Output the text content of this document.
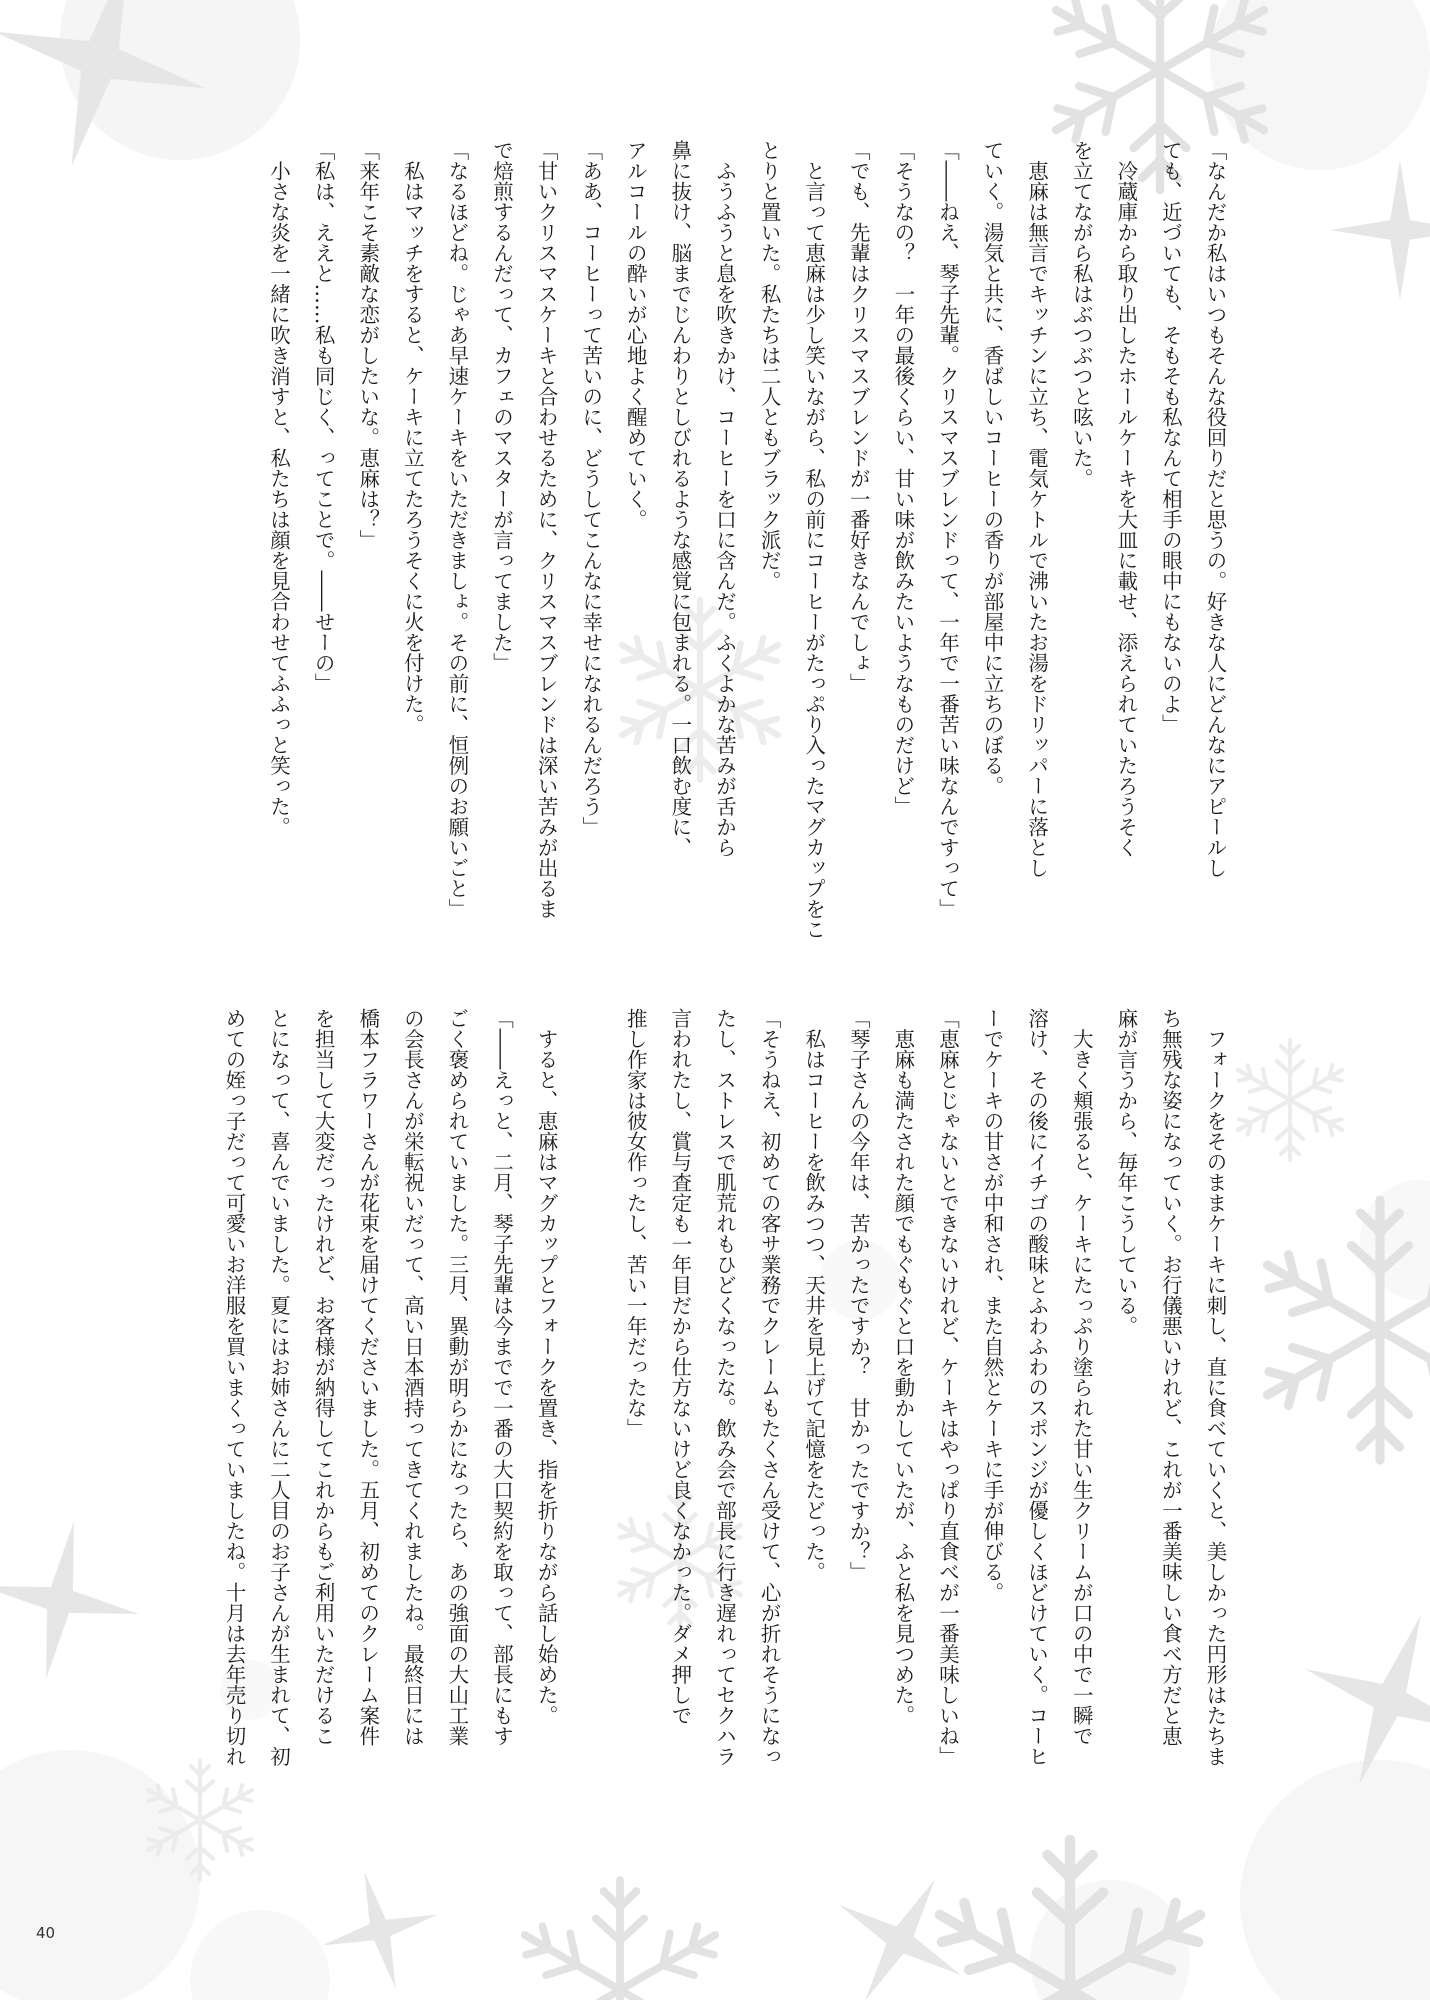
「なんだか私はいつもそんな役回りだと思うの。好きな人にどんなにアピールし
ても、近づいても、そもそも私なんて相手の眼中にもないのよ」
　冷蔵庫から取り出したホールケーキを大皿に載せ、添えられていたろうそく
を立てながら私はぶつぶつと呟いた。
　恵麻は無言でキッチンに立ち、電気ケトルで沸いたお湯をドリッパーに落とし
ていく。湯気と共に、香ばしいコーヒーの香りが部屋中に立ちのぼる。
「――ねえ、琴子先輩。クリスマスブレンドって、一年で一番苦い味なんですって」
「そうなの？　一年の最後くらい、甘い味が飲みたいようなものだけど」
「でも、先輩はクリスマスブレンドが一番好きなんでしょ」
　と言って恵麻は少し笑いながら、私の前にコーヒーがたっぷり入ったマグカップをこ
とりと置いた。私たちは二人ともブラック派だ。
　ふうふうと息を吹きかけ、コーヒーを口に含んだ。ふくよかな苦みが舌から
鼻に抜け、脳までじんわりとしびれるような感覚に包まれる。一口飲む度に、
アルコールの酔いが心地よく醒めていく。
「ああ、コーヒーって苦いのに、どうしてこんなに幸せになれるんだろう」
「甘いクリスマスケーキと合わせるために、クリスマスブレンドは深い苦みが出るま
で焙煎するんだって、カフェのマスターが言ってました」
「なるほどね。じゃあ早速ケーキをいただきましょ。その前に、恒例のお願いごと」
　私はマッチをすると、ケーキに立てたろうそくに火を付けた。
「来年こそ素敵な恋がしたいな。恵麻は？」
「私は、ええと……私も同じく、ってことで。――せーの」
　小さな炎を一緒に吹き消すと、私たちは顔を見合わせてふふっと笑った。
　フォークをそのままケーキに刺し、直に食べていくと、美しかった円形はたちま
ち無残な姿になっていく。お行儀悪いけれど、これが一番美味しい食べ方だと恵
麻が言うから、毎年こうしている。
　大きく頬張ると、ケーキにたっぷり塗られた甘い生クリームが口の中で一瞬で
溶け、その後にイチゴの酸味とふわふわのスポンジが優しくほどけていく。コーヒ
ーでケーキの甘さが中和され、また自然とケーキに手が伸びる。
「恵麻とじゃないとできないけれど、ケーキはやっぱり直食べが一番美味しいね」
　恵麻も満たされた顔でもぐもぐと口を動かしていたが、ふと私を見つめた。
「琴子さんの今年は、苦かったですか？　甘かったですか？」
　私はコーヒーを飲みつつ、天井を見上げて記憶をたどった。
「そうねえ、初めての客サ業務でクレームもたくさん受けて、心が折れそうになっ
たし、ストレスで肌荒れもひどくなったな。飲み会で部長に行き遅れってセクハラ
言われたし、賞与査定も一年目だから仕方ないけど良くなかった。ダメ押しで
推し作家は彼女作ったし、苦い一年だったな」

　すると、恵麻はマグカップとフォークを置き、指を折りながら話し始めた。
「――えっと、二月、琴子先輩は今までで一番の大口契約を取って、部長にもす
ごく褒められていました。三月、異動が明らかになったら、あの強面の大山工業
の会長さんが栄転祝いだって、高い日本酒持ってきてくれましたね。最終日には
橋本フラワーさんが花束を届けてくださいました。五月、初めてのクレーム案件
を担当して大変だったけれど、お客様が納得してこれからもご利用いただけるこ
とになって、喜んでいました。夏にはお姉さんに二人目のお子さんが生まれて、初
めての姪っ子だって可愛いお洋服を買いまくっていましたね。十月は去年売り切れ
40
